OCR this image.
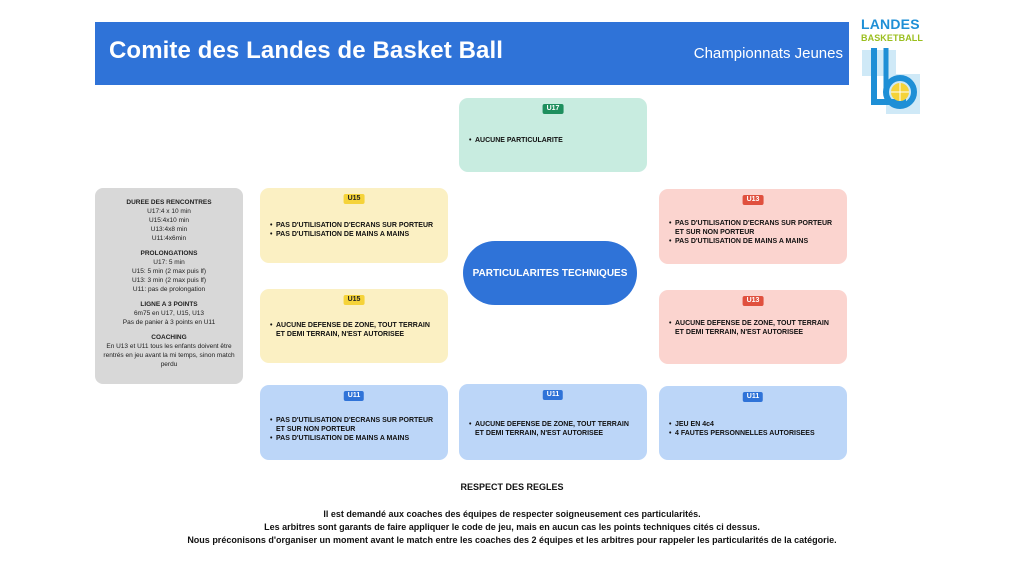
Comite des Landes de Basket Ball	Championnats Jeunes
LANDES
BASKETBALL
U17
• AUCUNE PARTICULARITE
U15
• PAS D'UTILISATION D'ECRANS SUR PORTEUR
• PAS D'UTILISATION DE MAINS A MAINS
U15
• AUCUNE DEFENSE DE ZONE, TOUT TERRAIN ET DEMI TERRAIN, N'EST AUTORISEE
U13
• PAS D'UTILISATION D'ECRANS SUR PORTEUR ET SUR NON PORTEUR
• PAS D'UTILISATION DE MAINS A MAINS
U13
• AUCUNE DEFENSE DE ZONE, TOUT TERRAIN ET DEMI TERRAIN, N'EST AUTORISEE
PARTICULARITES TECHNIQUES
U11
• PAS D'UTILISATION D'ECRANS SUR PORTEUR ET SUR NON PORTEUR
• PAS D'UTILISATION DE MAINS A MAINS
U11
• AUCUNE DEFENSE DE ZONE, TOUT TERRAIN ET DEMI TERRAIN, N'EST AUTORISEE
U11
• JEU EN 4c4
• 4 FAUTES PERSONNELLES AUTORISEES
DUREE DES RENCONTRES
U17:4 x 10 min
U15:4x10 min
U13:4x8 min
U11:4x6min
PROLONGATIONS
U17: 5 min
U15: 5 min (2 max puis lf)
U13: 3 min (2 max puis lf)
U11: pas de prolongation
LIGNE A 3 POINTS
6m75 en U17, U15, U13
Pas de panier à 3 points en U11
COACHING
En U13 et U11 tous les enfants doivent être rentrés en jeu avant la mi temps, sinon match perdu
RESPECT DES REGLES
Il est demandé aux coaches des équipes de respecter soigneusement ces particularités.
Les arbitres sont garants de faire appliquer le code de jeu, mais en aucun cas les points techniques cités ci dessus.
Nous préconisons d'organiser un moment avant le match entre les coaches des 2 équipes et les arbitres pour rappeler les particularités de la catégorie.
